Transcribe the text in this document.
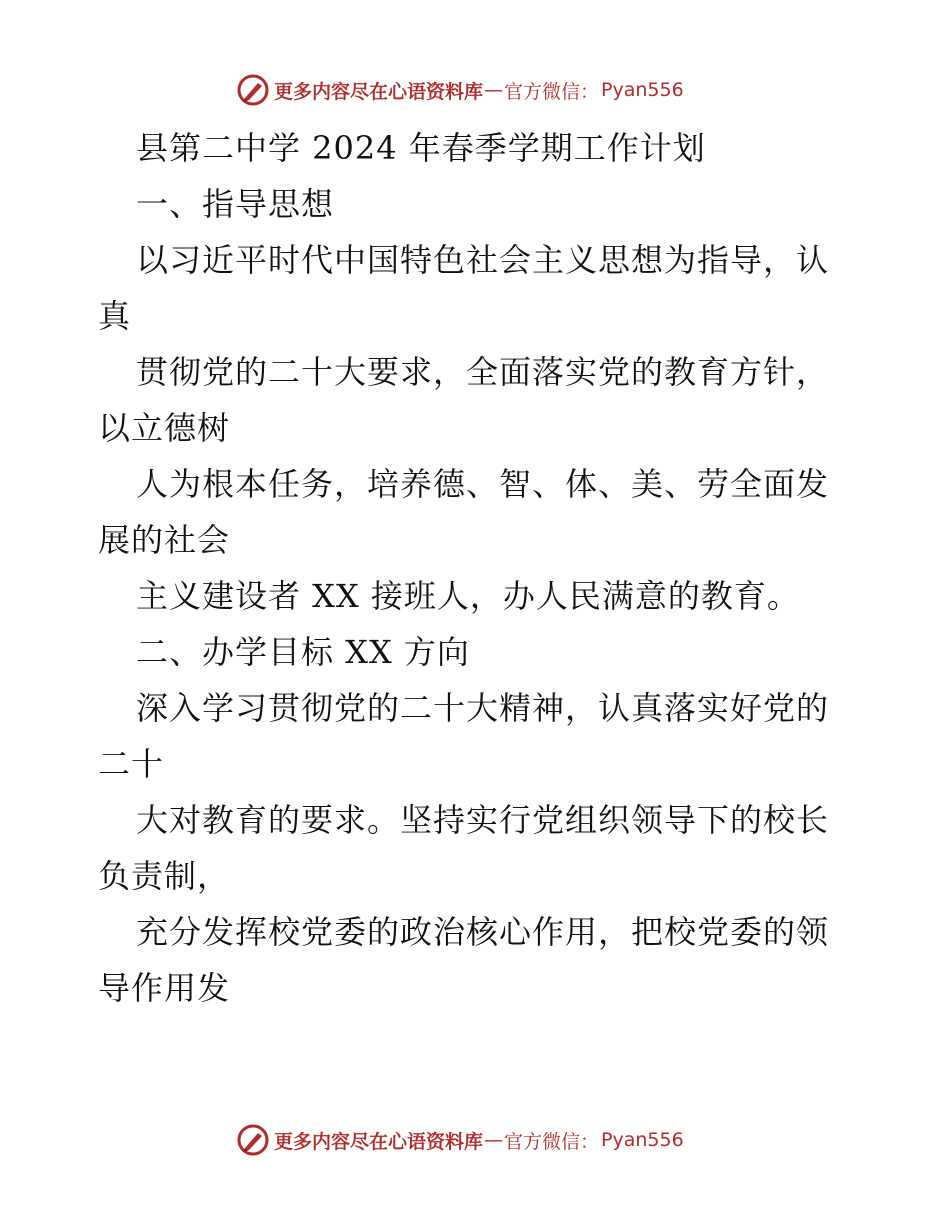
更多内容尽在心语资料库 — 官方微信： Pyan556
县第二中学 2024 年春季学期工作计划
一、指导思想
以习近平时代中国特色社会主义思想为指导，认
真
贯彻党的二十大要求，全面落实党的教育方针，
以立德树
人为根本任务，培养德、智、体、美、劳全面发
展的社会
主义建设者 XX 接班人，办人民满意的教育。
二、办学目标 XX 方向
深入学习贯彻党的二十大精神，认真落实好党的
二十
大对教育的要求。坚持实行党组织领导下的校长
负责制，
充分发挥校党委的政治核心作用，把校党委的领
导作用发
更多内容尽在心语资料库 — 官方微信： Pyan556
